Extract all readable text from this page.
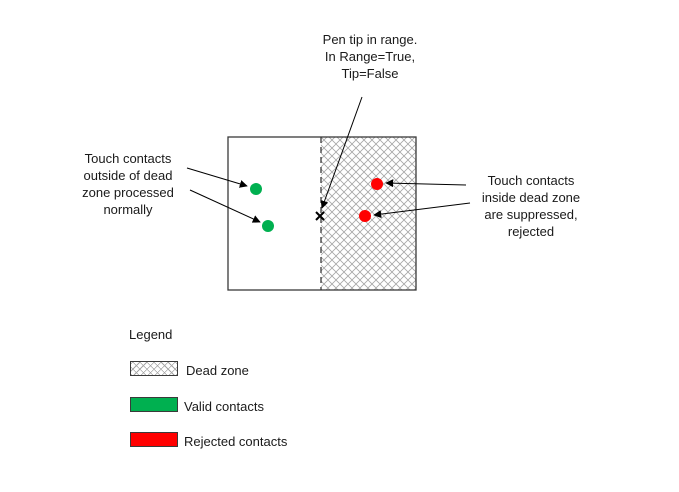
Pen tip in range.
In Range=True,
Tip=False
Touch contacts
outside of dead
zone processed
normally
Touch contacts
inside dead zone
are suppressed,
rejected
Legend
Dead zone
Valid contacts
Rejected contacts
